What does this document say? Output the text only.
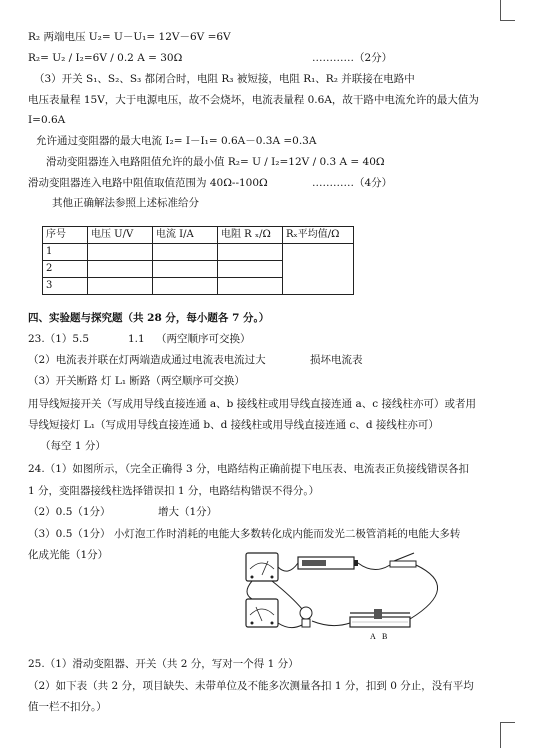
R₂ 两端电压 U₂= U－U₁= 12V－6V =6V
R₂= U₂ / I₂=6V / 0.2 A = 30Ω	…………（2分）
（3）开关 S₁、S₂、S₃ 都闭合时，电阻 R₃ 被短接，电阻 R₁、R₂ 并联接在电路中
电压表量程 15V，大于电源电压，故不会烧坏，电流表量程 0.6A，故干路中电流允许的最大值为
I=0.6A
允许通过变阻器的最大电流 I₂= I－I₁= 0.6A－0.3A =0.3A
滑动变阻器连入电路阻值允许的最小值 R₂= U / I₂=12V / 0.3 A = 40Ω
滑动变阻器连入电路中阻值取值范围为 40Ω--100Ω	…………（4分）
其他正确解法参照上述标准给分
序号	电压 U/V	电流 I/A	电阻 R ₓ/Ω	Rₓ平均值/Ω
1				
2				
3				
四、实验题与探究题（共 28 分，每小题各 7 分。）
23.（1）5.5	1.1 （两空顺序可交换）
（2）电流表并联在灯两端造成通过电流表电流过大	损坏电流表
（3）开关断路 灯 L₁ 断路（两空顺序可交换）
用导线短接开关（写成用导线直接连通 a、b 接线柱或用导线直接连通 a、c 接线柱亦可）或者用
导线短接灯 L₁（写成用导线直接连通 b、d 接线柱或用导线直接连通 c、d 接线柱亦可）
（每空 1 分）
24.（1）如图所示，（完全正确得 3 分，电路结构正确前提下电压表、电流表正负接线错误各扣
1 分，变阻器接线柱选择错误扣 1 分，电路结构错误不得分。）
（2）0.5（1分）	增大（1分）
（3）0.5（1分） 小灯泡工作时消耗的电能大多数转化成内能而发光二极管消耗的电能大多转
化成光能（1分）
A B
25.（1）滑动变阻器、开关（共 2 分，写对一个得 1 分）
（2）如下表（共 2 分，项目缺失、未带单位及不能多次测量各扣 1 分，扣到 0 分止，没有平均
值一栏不扣分。）
